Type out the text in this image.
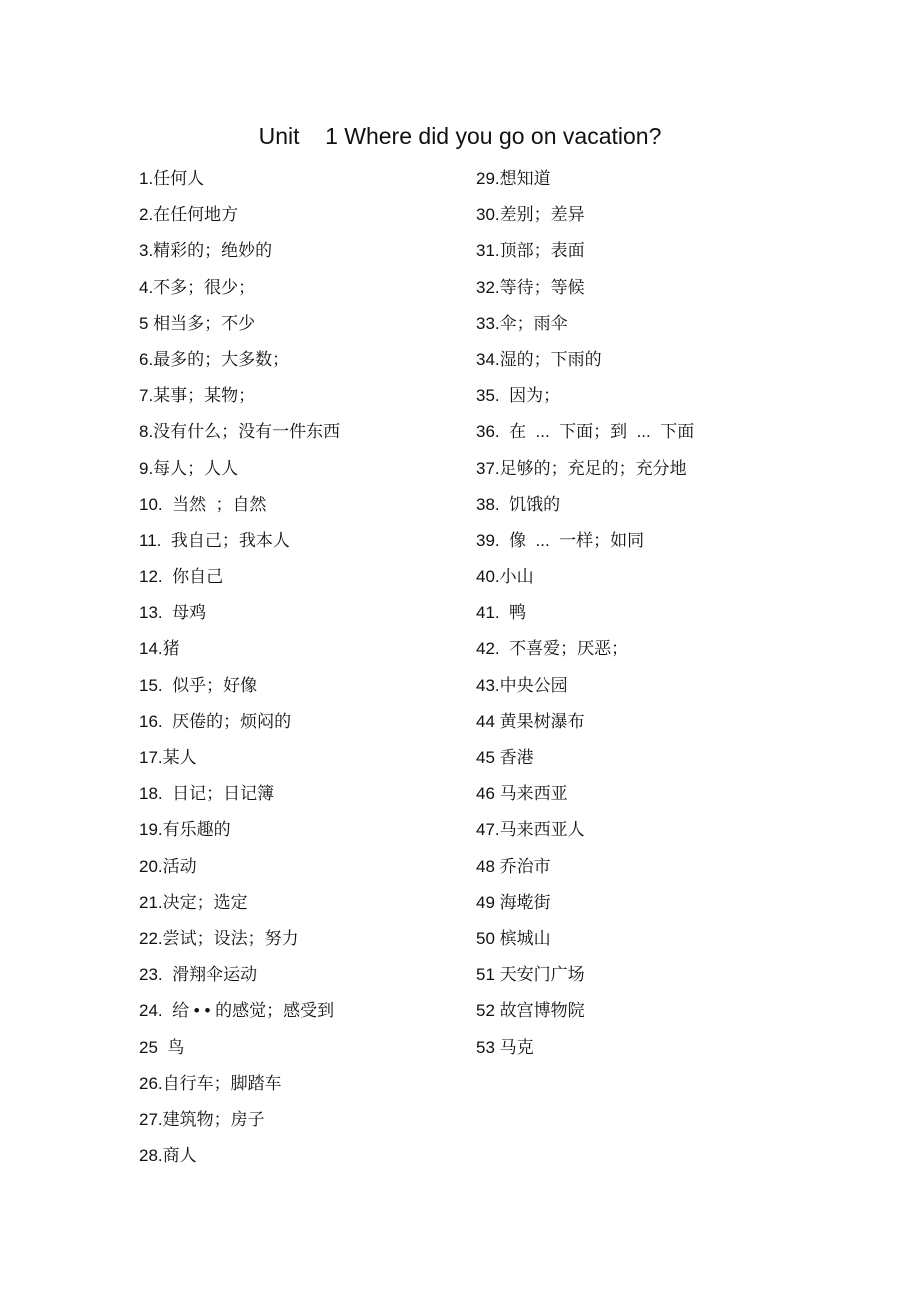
Unit    1 Where did you go on vacation?
1.任何人
2.在任何地方
3.精彩的；绝妙的
4.不多；很少；
5 相当多；不少
6.最多的；大多数；
7.某事；某物；
8.没有什么；没有一件东西
9.每人；人人
10.  当然  ；自然
11.  我自己；我本人
12.  你自己
13.  母鸡
14.猪
15.  似乎；好像
16.  厌倦的；烦闷的
17.某人
18.  日记；日记簿
19.有乐趣的
20.活动
21.决定；选定
22.尝试；设法；努力
23.  滑翔伞运动
24.  给 • • 的感觉；感受到
25  鸟
26.自行车；脚踏车
27.建筑物；房子
28.商人
29.想知道
30.差别；差异
31.顶部；表面
32.等待；等候
33.伞；雨伞
34.湿的；下雨的
35.  因为；
36.  在  ...  下面；到  ...  下面
37.足够的；充足的；充分地
38.  饥饿的
39.  像  ...  一样；如同
40.小山
41.  鸭
42.  不喜爱；厌恶；
43.中央公园
44 黄果树瀑布
45 香港
46 马来西亚
47.马来西亚人
48 乔治市
49 海墘街
50 槟城山
51 天安门广场
52 故宫博物院
53 马克
